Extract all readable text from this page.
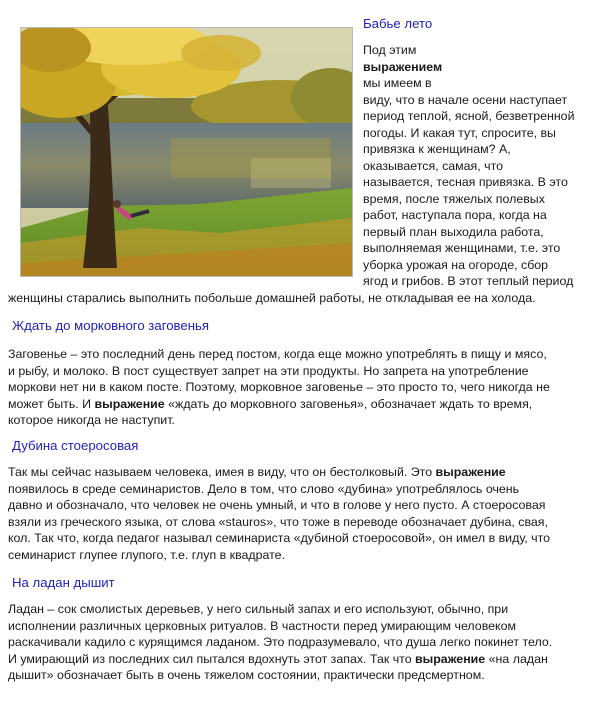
Бабье лето
Под этим
выражением
мы имеем в
виду, что в начале осени наступает
период теплой, ясной, безветренной
погоды. И какая тут, спросите, вы
привязка к женщинам? А,
оказывается, самая, что
называется, тесная привязка. В это
время, после тяжелых полевых
работ, наступала пора, когда на
первый план выходила работа,
выполняемая женщинами, т.е. это
уборка урожая на огороде, сбор
ягод и грибов. В этот теплый период
женщины старались выполнить побольше домашней работы, не откладывая ее на холода.
Ждать до морковного заговенья
Заговенье – это последний день перед постом, когда еще можно употреблять в пищу и мясо,
и рыбу, и молоко. В пост существует запрет на эти продукты. Но запрета на употребление
моркови нет ни в каком посте. Поэтому, морковное заговенье – это просто то, чего никогда не
может быть. И выражение «ждать до морковного заговенья», обозначает ждать то время,
которое никогда не наступит.
Дубина стоеросовая
Так мы сейчас называем человека, имея в виду, что он бестолковый. Это выражение
появилось в среде семинаристов. Дело в том, что слово «дубина» употреблялось очень
давно и обозначало, что человек не очень умный, и что в голове у него пусто. А стоеросовая
взяли из греческого языка, от слова «stauros», что тоже в переводе обозначает дубина, свая,
кол. Так что, когда педагог называл семинариста «дубиной стоеросовой», он имел в виду, что
семинарист глупее глупого, т.е. глуп в квадрате.
На ладан дышит
Ладан – сок смолистых деревьев, у него сильный запах и его используют, обычно, при
исполнении различных церковных ритуалов. В частности перед умирающим человеком
раскачивали кадило с курящимся ладаном. Это подразумевало, что душа легко покинет тело.
И умирающий из последних сил пытался вдохнуть этот запах. Так что выражение «на ладан
дышит» обозначает быть в очень тяжелом состоянии, практически предсмертном.
